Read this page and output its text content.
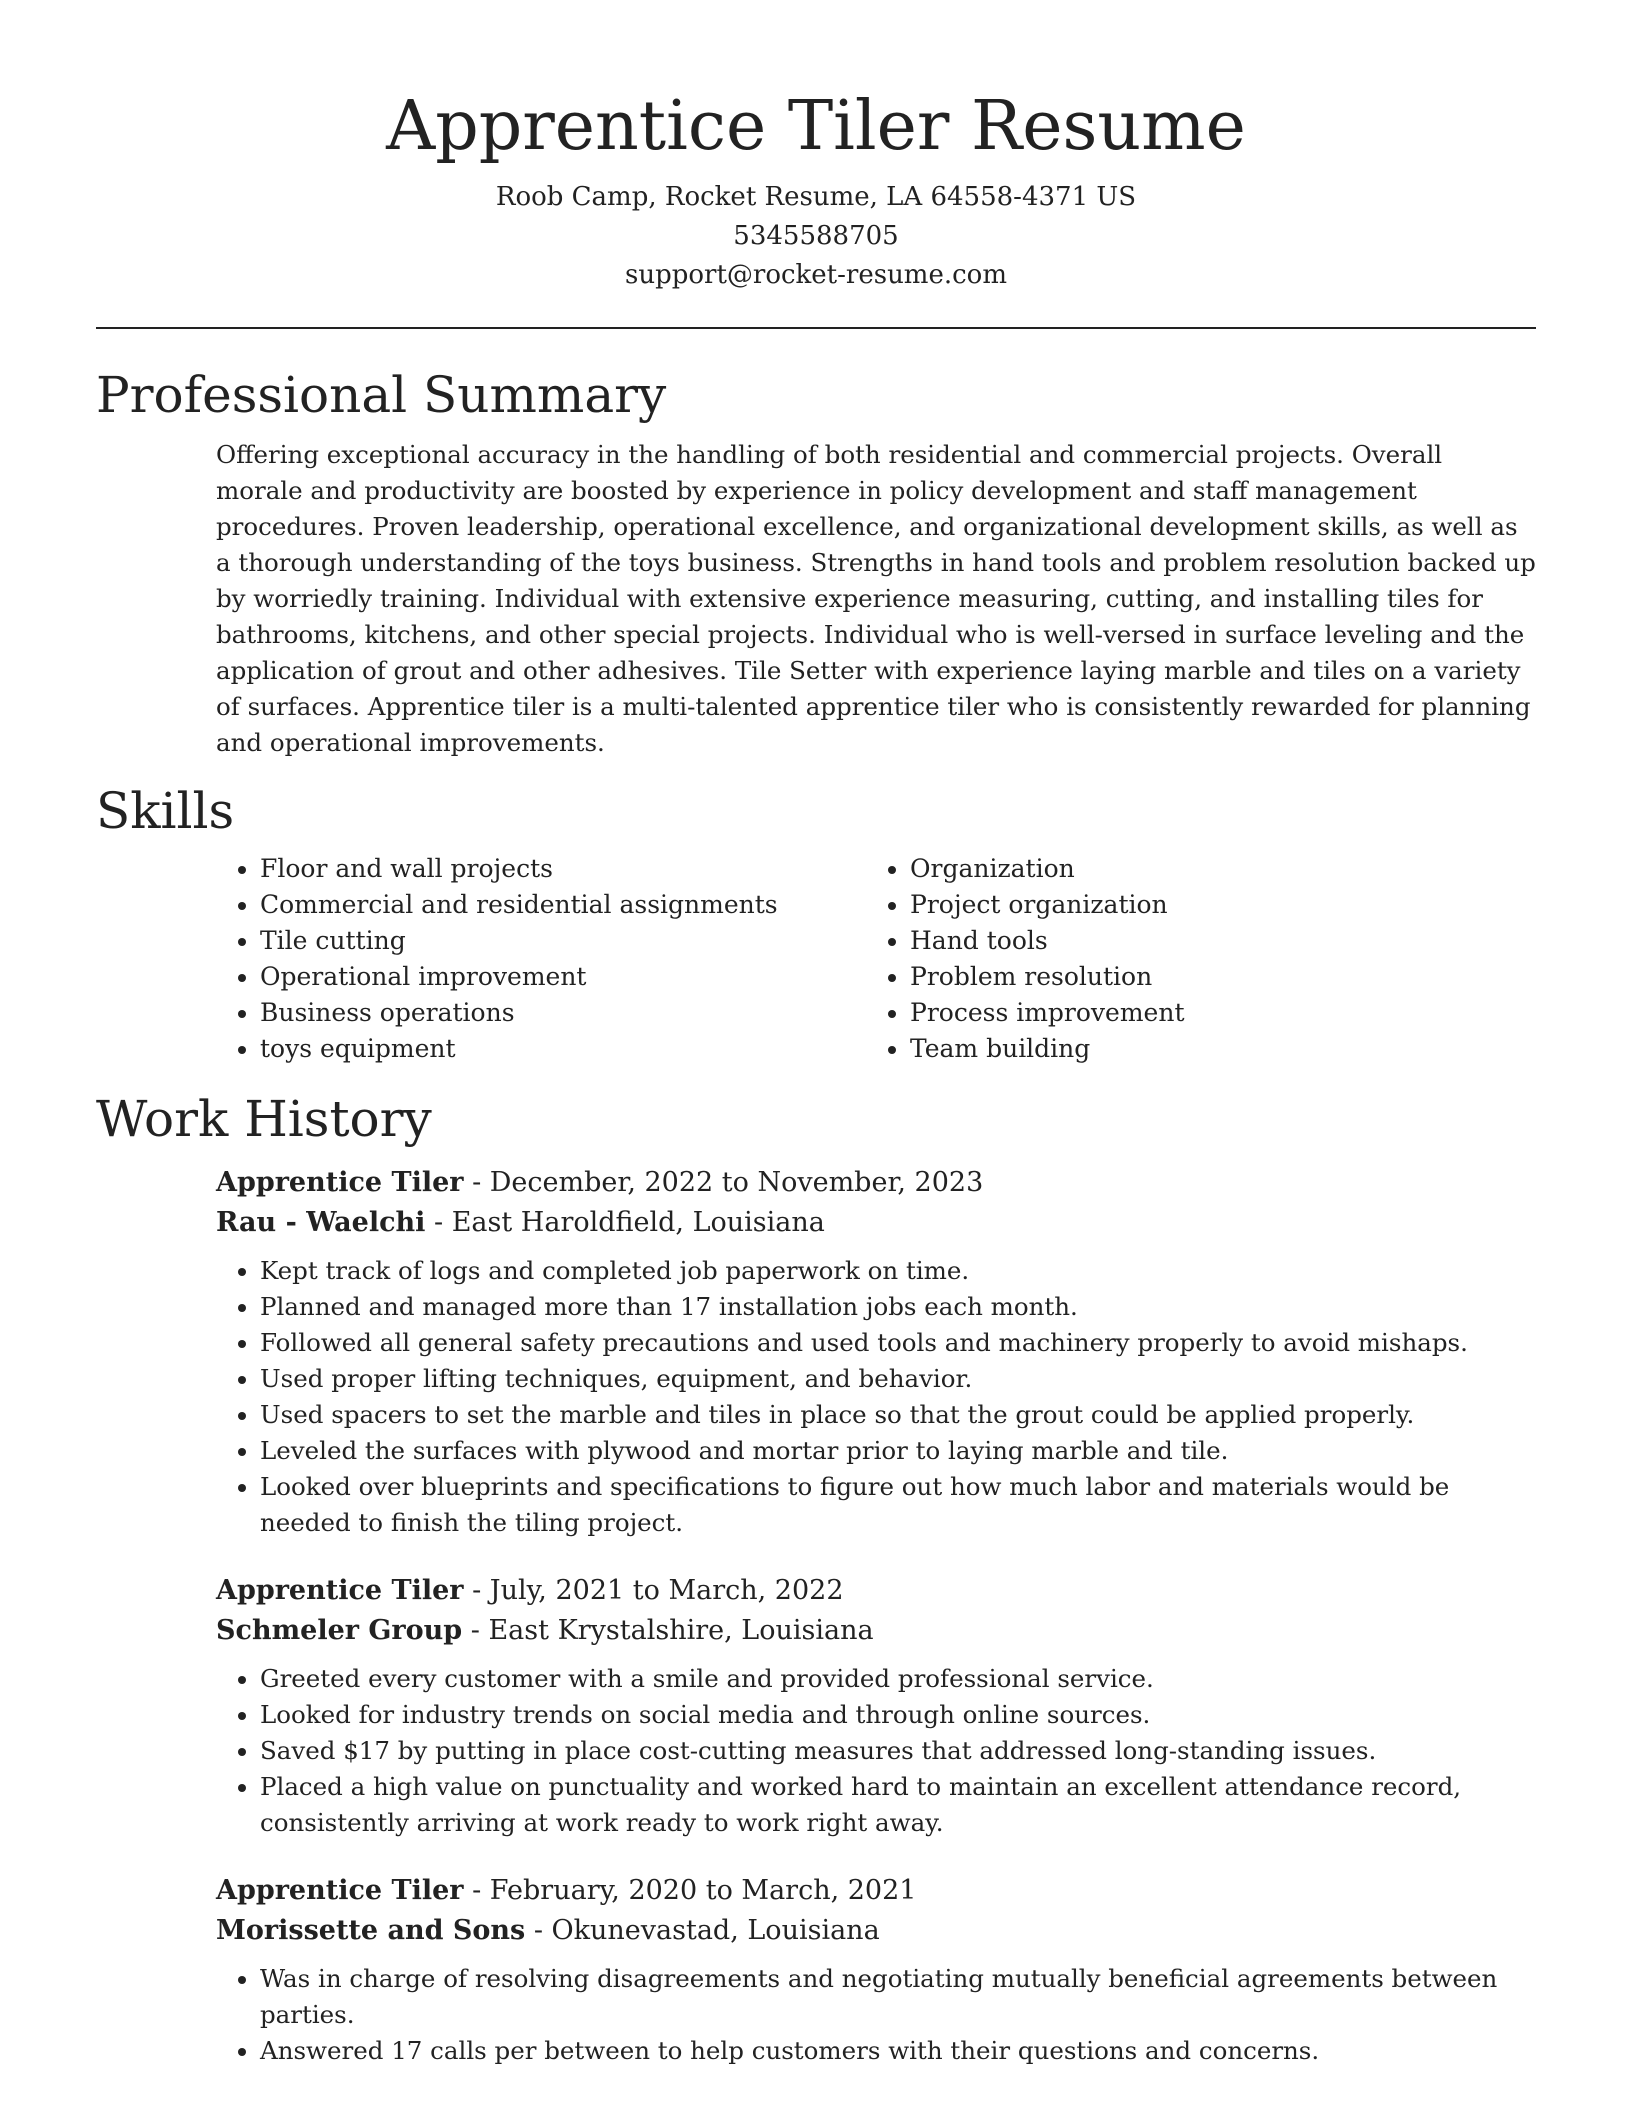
Apprentice Tiler Resume
Roob Camp, Rocket Resume, LA 64558-4371 US
5345588705
support@rocket-resume.com
Professional Summary

Offering exceptional accuracy in the handling of both residential and commercial projects. Overall morale and productivity are boosted by experience in policy development and staff management procedures. Proven leadership, operational excellence, and organizational development skills, as well as a thorough understanding of the toys business. Strengths in hand tools and problem resolution backed up by worriedly training. Individual with extensive experience measuring, cutting, and installing tiles for bathrooms, kitchens, and other special projects. Individual who is well-versed in surface leveling and the application of grout and other adhesives. Tile Setter with experience laying marble and tiles on a variety of surfaces. Apprentice tiler is a multi-talented apprentice tiler who is consistently rewarded for planning and operational improvements.

Skills
• Floor and wall projects
• Commercial and residential assignments
• Tile cutting
• Operational improvement
• Business operations
• toys equipment
• Organization
• Project organization
• Hand tools
• Problem resolution
• Process improvement
• Team building
Work History
Apprentice Tiler - December, 2022 to November, 2023
Rau - Waelchi - East Haroldfield, Louisiana
• Kept track of logs and completed job paperwork on time.
• Planned and managed more than 17 installation jobs each month.
• Followed all general safety precautions and used tools and machinery properly to avoid mishaps.
• Used proper lifting techniques, equipment, and behavior.
• Used spacers to set the marble and tiles in place so that the grout could be applied properly.
• Leveled the surfaces with plywood and mortar prior to laying marble and tile.
• Looked over blueprints and specifications to figure out how much labor and materials would be needed to finish the tiling project.
Apprentice Tiler - July, 2021 to March, 2022
Schmeler Group - East Krystalshire, Louisiana
• Greeted every customer with a smile and provided professional service.
• Looked for industry trends on social media and through online sources.
• Saved $17 by putting in place cost-cutting measures that addressed long-standing issues.
• Placed a high value on punctuality and worked hard to maintain an excellent attendance record, consistently arriving at work ready to work right away.
Apprentice Tiler - February, 2020 to March, 2021
Morissette and Sons - Okunevastad, Louisiana
• Was in charge of resolving disagreements and negotiating mutually beneficial agreements between parties.
• Answered 17 calls per between to help customers with their questions and concerns.
